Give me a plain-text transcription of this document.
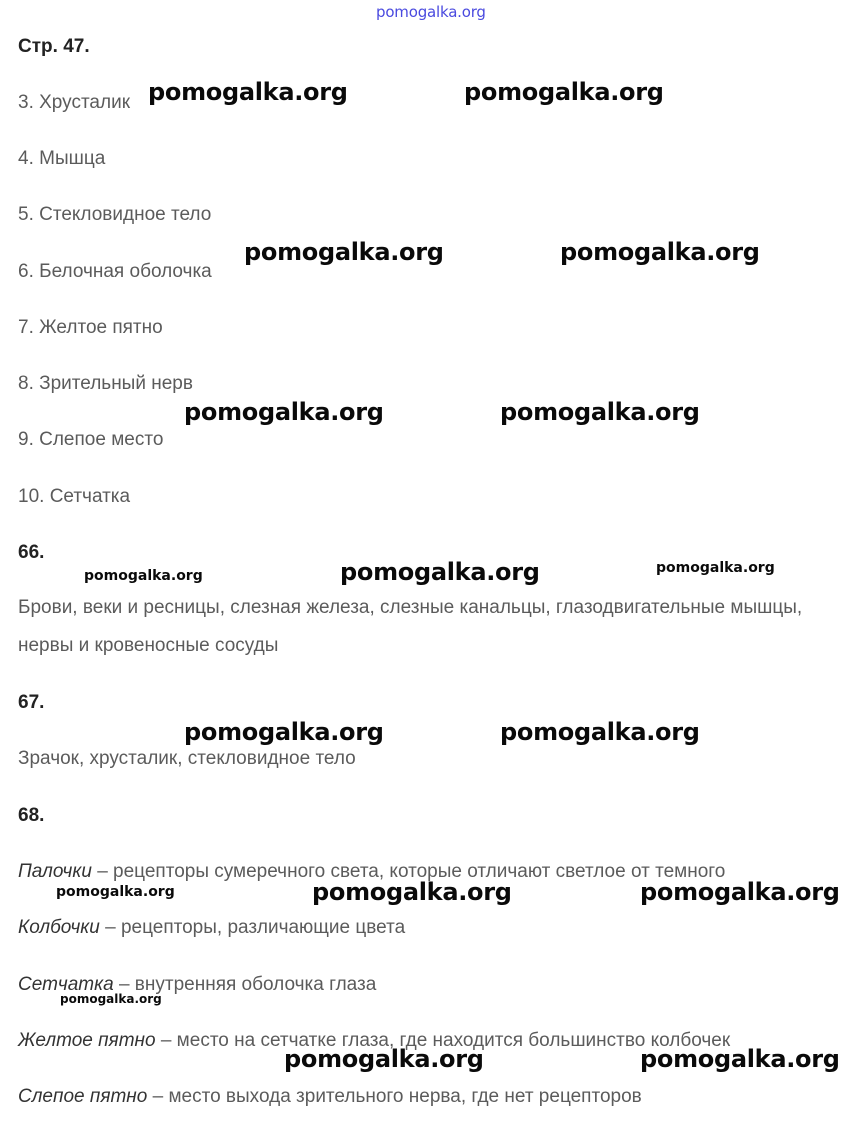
pomogalka.org
Стр. 47.
3. Хрусталик
4. Мышца
5. Стекловидное тело
6. Белочная оболочка
7. Желтое пятно
8. Зрительный нерв
9. Слепое место
10. Сетчатка
66.
Брови, веки и ресницы, слезная железа, слезные канальцы, глазодвигательные мышцы, нервы и кровеносные сосуды
67.
Зрачок, хрусталик, стекловидное тело
68.
Палочки – рецепторы сумеречного света, которые отличают светлое от темного
Колбочки – рецепторы, различающие цвета
Сетчатка – внутренняя оболочка глаза
Желтое пятно – место на сетчатке глаза, где находится большинство колбочек
Слепое пятно – место выхода зрительного нерва, где нет рецепторов
pomogalka.org	pomogalka.org
pomogalka.org	pomogalka.org
pomogalka.org	pomogalka.org
pomogalka.org	pomogalka.org	pomogalka.org
pomogalka.org	pomogalka.org
pomogalka.org	pomogalka.org	pomogalka.org
pomogalka.org
pomogalka.org	pomogalka.org
